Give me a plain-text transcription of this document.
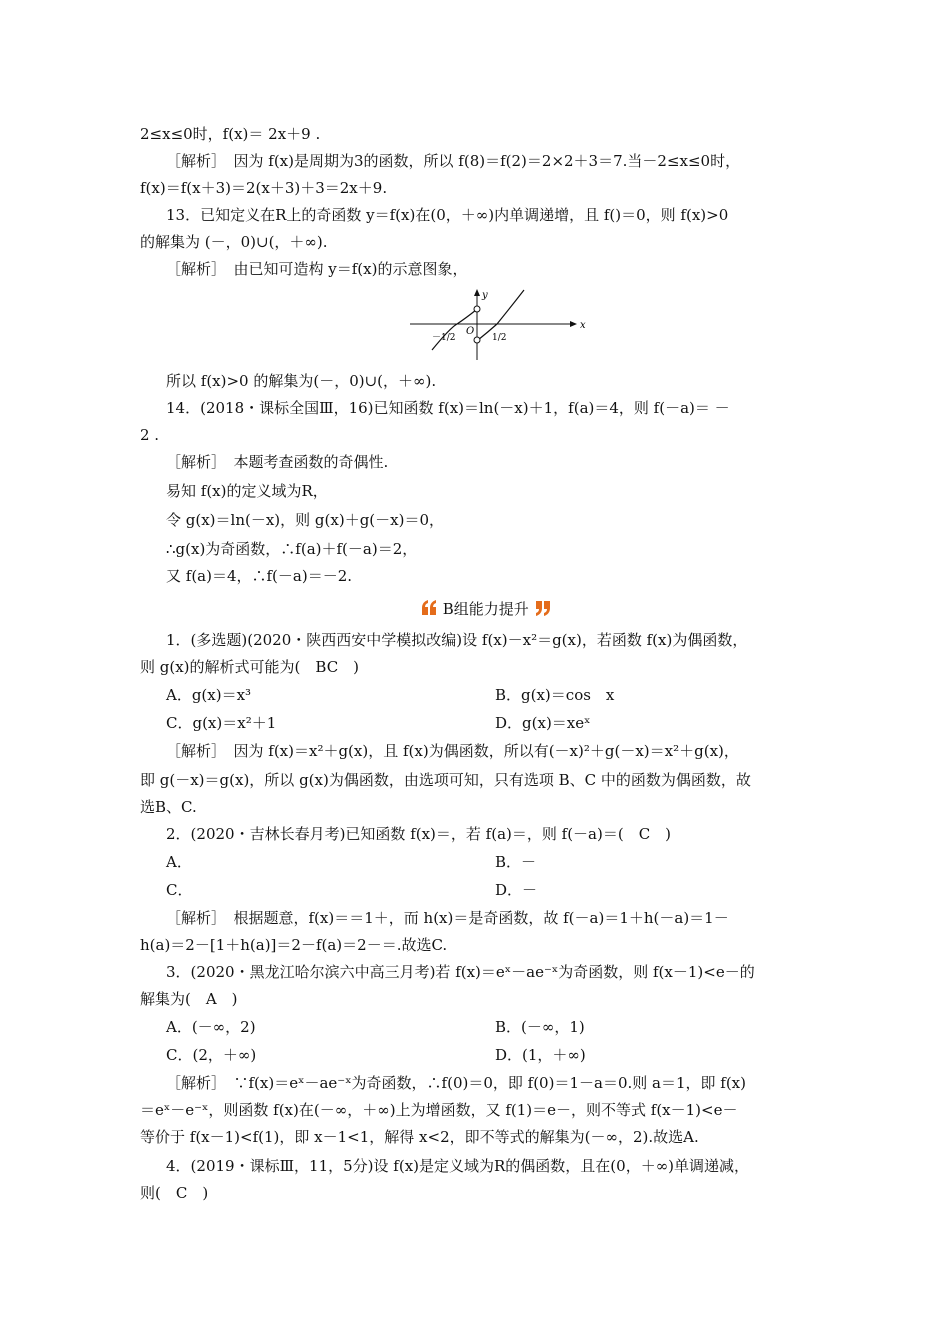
2≤x≤0时，f(x)＝ 2x＋9 .
［解析］　因为 f(x)是周期为3的函数，所以 f(8)＝f(2)＝2×2＋3＝7.当－2≤x≤0时，
f(x)＝f(x＋3)＝2(x＋3)＋3＝2x＋9.
13．已知定义在R上的奇函数 y＝f(x)在(0，＋∞)内单调递增，且 f()＝0，则 f(x)>0
的解集为 (－，0)∪(，＋∞).
［解析］　由已知可造构 y＝f(x)的示意图象，
x
y
O
－1/2	1/2
所以 f(x)>0 的解集为(－，0)∪(，＋∞).
14．(2018・课标全国Ⅲ，16)已知函数 f(x)＝ln(－x)＋1，f(a)＝4，则 f(－a)＝ －
2 .
［解析］　本题考查函数的奇偶性.
易知 f(x)的定义域为R，
令 g(x)＝ln(－x)，则 g(x)＋g(－x)＝0，
∴g(x)为奇函数，∴f(a)＋f(－a)＝2，
又 f(a)＝4，∴f(－a)＝－2.
B组能力提升
1．(多选题)(2020・陕西西安中学模拟改编)设 f(x)－x²＝g(x)，若函数 f(x)为偶函数，
则 g(x)的解析式可能为(　BC　)
A．g(x)＝x³	B．g(x)＝cos　x
C．g(x)＝x²＋1	D．g(x)＝xeˣ
［解析］　因为 f(x)＝x²＋g(x)，且 f(x)为偶函数，所以有(－x)²＋g(－x)＝x²＋g(x)，
即 g(－x)＝g(x)，所以 g(x)为偶函数，由选项可知，只有选项 B、C 中的函数为偶函数，故
选B、C.
2．(2020・吉林长春月考)已知函数 f(x)＝，若 f(a)＝，则 f(－a)＝(　C　)
A．	B．－
C．	D．－
［解析］　根据题意，f(x)＝＝1＋，而 h(x)＝是奇函数，故 f(－a)＝1＋h(－a)＝1－
h(a)＝2－[1＋h(a)]＝2－f(a)＝2－＝.故选C.
3．(2020・黑龙江哈尔滨六中高三月考)若 f(x)＝eˣ－ae⁻ˣ为奇函数，则 f(x－1)<e－的
解集为(　A　)
A．(－∞，2)	B．(－∞，1)
C．(2，＋∞)	D．(1，＋∞)
［解析］　∵f(x)＝eˣ－ae⁻ˣ为奇函数，∴f(0)＝0，即 f(0)＝1－a＝0.则 a＝1，即 f(x)
＝eˣ－e⁻ˣ，则函数 f(x)在(－∞，＋∞)上为增函数，又 f(1)＝e－，则不等式 f(x－1)<e－
等价于 f(x－1)<f(1)，即 x－1<1，解得 x<2，即不等式的解集为(－∞，2).故选A.
4．(2019・课标Ⅲ，11，5分)设 f(x)是定义域为R的偶函数，且在(0，＋∞)单调递减，
则(　C　)
